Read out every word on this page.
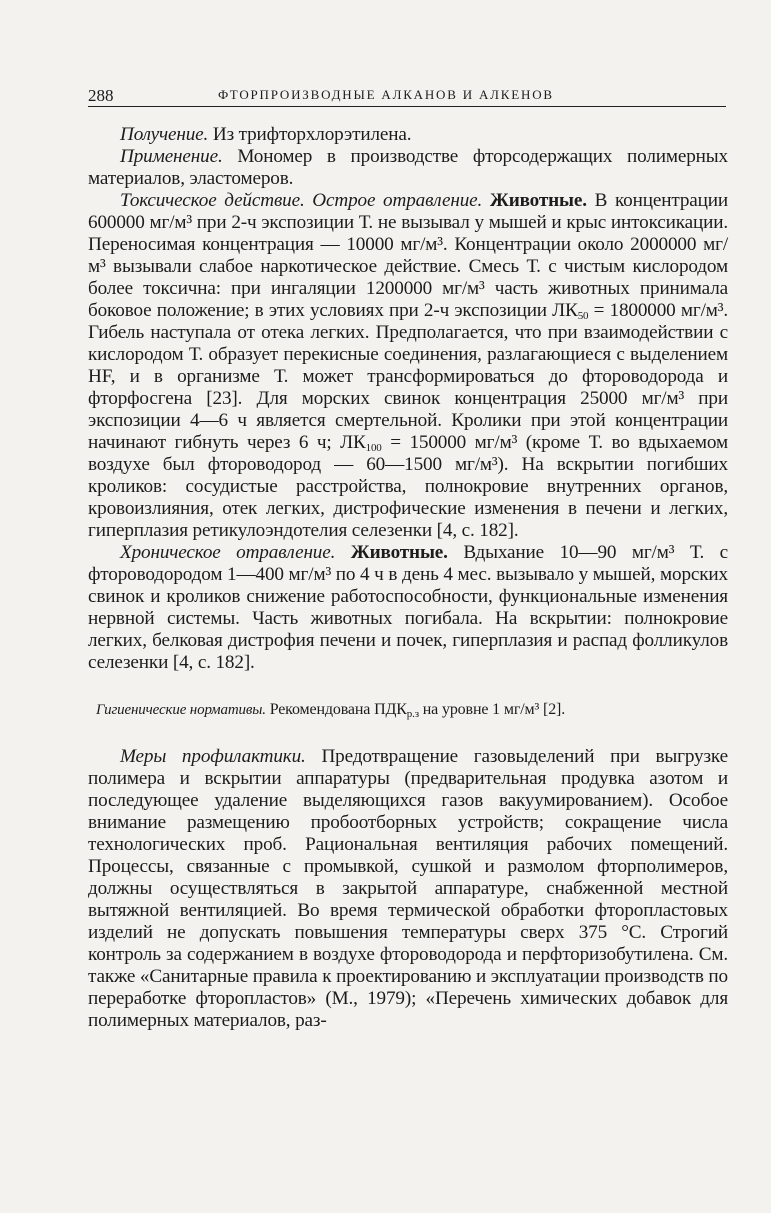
288	ФТОРПРОИЗВОДНЫЕ АЛКАНОВ И АЛКЕНОВ

Получение. Из трифторхлорэтилена.

Применение. Мономер в производстве фторсодержащих полимерных материалов, эластомеров.

Токсическое действие. Острое отравление. Животные. В концентрации 600000 мг/м³ при 2-ч экспозиции Т. не вызывал у мышей и крыс интоксикации. Переносимая концентрация — 10000 мг/м³. Концентрации около 2000000 мг/м³ вызывали слабое наркотическое действие. Смесь Т. с чистым кислородом более токсична: при ингаляции 1200000 мг/м³ часть животных принимала боковое положение; в этих условиях при 2-ч экспозиции $ЛК_{50} = 1800000$ мг/м³. Гибель наступала от отека легких. Предполагается, что при взаимодействии с кислородом Т. образует перекисные соединения, разлагающиеся с выделением HF, и в организме Т. может трансформироваться до фтороводорода и фторфосгена [23]. Для морских свинок концентрация 25000 мг/м³ при экспозиции 4—6 ч является смертельной. Кролики при этой концентрации начинают гибнуть через 6 ч; $ЛК_{100} = 150000$ мг/м³ (кроме Т. во вдыхаемом воздухе был фтороводород — 60—1500 мг/м³). На вскрытии погибших кроликов: сосудистые расстройства, полнокровие внутренних органов, кровоизлияния, отек легких, дистрофические изменения в печени и легких, гиперплазия ретикулоэндотелия селезенки [4, с. 182].

Хроническое отравление. Животные. Вдыхание 10—90 мг/м³ Т. с фтороводородом 1—400 мг/м³ по 4 ч в день 4 мес. вызывало у мышей, морских свинок и кроликов снижение работоспособности, функциональные изменения нервной системы. Часть животных погибала. На вскрытии: полнокровие легких, белковая дистрофия печени и почек, гиперплазия и распад фолликулов селезенки [4, с. 182].

Гигиенические нормативы. Рекомендована $ПДК_{р.з}$ на уровне 1 мг/м³ [2].

Меры профилактики. Предотвращение газовыделений при выгрузке полимера и вскрытии аппаратуры (предварительная продувка азотом и последующее удаление выделяющихся газов вакуумированием). Особое внимание размещению пробоотборных устройств; сокращение числа технологических проб. Рациональная вентиляция рабочих помещений. Процессы, связанные с промывкой, сушкой и размолом фторполимеров, должны осуществляться в закрытой аппаратуре, снабженной местной вытяжной вентиляцией. Во время термической обработки фторопластовых изделий не допускать повышения температуры сверх 375 °С. Строгий контроль за содержанием в воздухе фтороводорода и перфторизобутилена. См. также «Санитарные правила к проектированию и эксплуатации производств по переработке фторопластов» (М., 1979); «Перечень химических добавок для полимерных материалов, раз-
